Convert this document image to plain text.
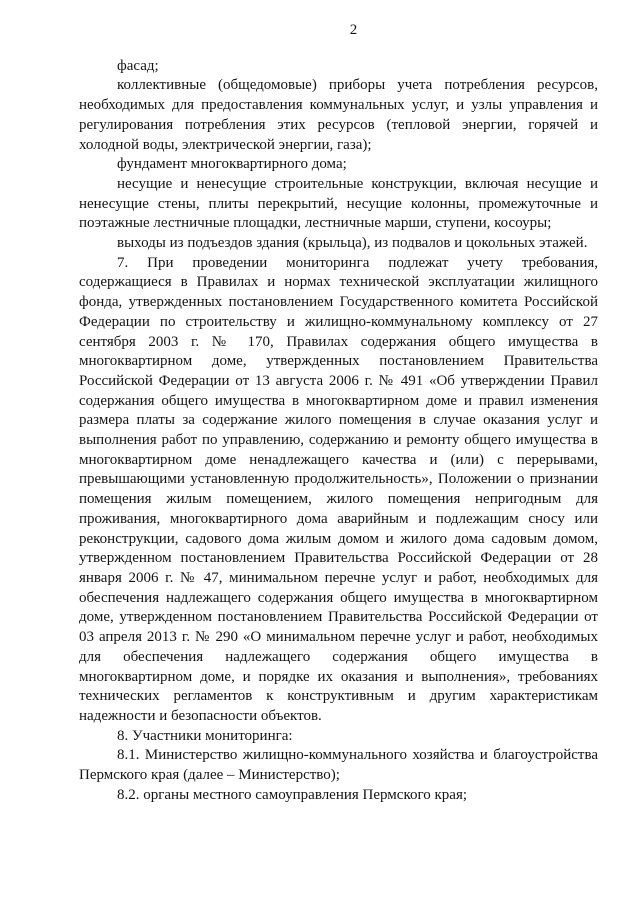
2

фасад;

коллективные (общедомовые) приборы учета потребления ресурсов, необходимых для предоставления коммунальных услуг, и узлы управления и регулирования потребления этих ресурсов (тепловой энергии, горячей и холодной воды, электрической энергии, газа);

фундамент многоквартирного дома;

несущие и ненесущие строительные конструкции, включая несущие и ненесущие стены, плиты перекрытий, несущие колонны, промежуточные и поэтажные лестничные площадки, лестничные марши, ступени, косоуры;

выходы из подъездов здания (крыльца), из подвалов и цокольных этажей.

7. При проведении мониторинга подлежат учету требования, содержащиеся в Правилах и нормах технической эксплуатации жилищного фонда, утвержденных постановлением Государственного комитета Российской Федерации по строительству и жилищно-коммунальному комплексу от 27 сентября 2003 г. № 170, Правилах содержания общего имущества в многоквартирном доме, утвержденных постановлением Правительства Российской Федерации от 13 августа 2006 г. № 491 «Об утверждении Правил содержания общего имущества в многоквартирном доме и правил изменения размера платы за содержание жилого помещения в случае оказания услуг и выполнения работ по управлению, содержанию и ремонту общего имущества в многоквартирном доме ненадлежащего качества и (или) с перерывами, превышающими установленную продолжительность», Положении о признании помещения жилым помещением, жилого помещения непригодным для проживания, многоквартирного дома аварийным и подлежащим сносу или реконструкции, садового дома жилым домом и жилого дома садовым домом, утвержденном постановлением Правительства Российской Федерации от 28 января 2006 г. № 47, минимальном перечне услуг и работ, необходимых для обеспечения надлежащего содержания общего имущества в многоквартирном доме, утвержденном постановлением Правительства Российской Федерации от 03 апреля 2013 г. № 290 «О минимальном перечне услуг и работ, необходимых для обеспечения надлежащего содержания общего имущества в многоквартирном доме, и порядке их оказания и выполнения», требованиях технических регламентов к конструктивным и другим характеристикам надежности и безопасности объектов.

8. Участники мониторинга:

8.1. Министерство жилищно-коммунального хозяйства и благоустройства Пермского края (далее – Министерство);

8.2. органы местного самоуправления Пермского края;
